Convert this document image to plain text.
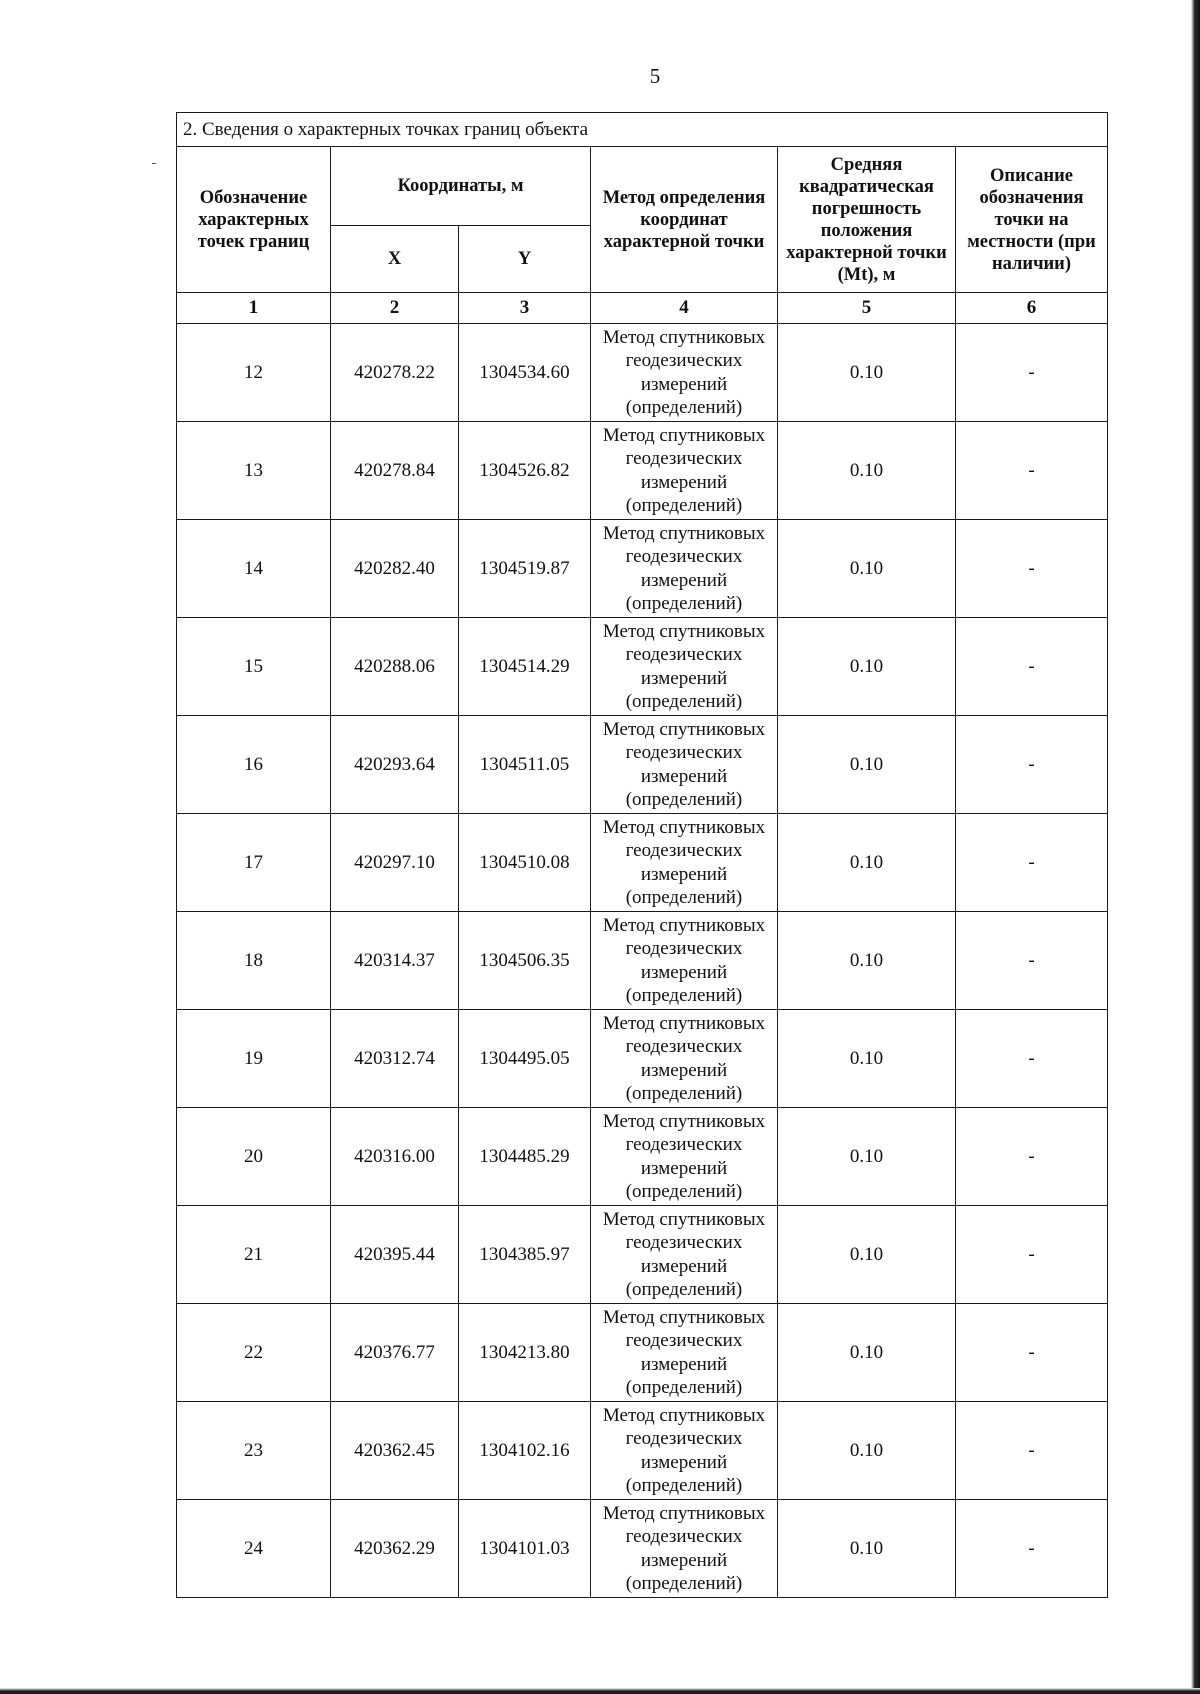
5
2. Сведения о характерных точках границ объекта					
Обозначение характерных точек границ	Координаты, м		Метод определения координат характерной точки	Средняя квадратическая погрешность положения характерной точки (Mt), м	Описание обозначения точки на местности (при наличии)
	X	Y			
1	2	3	4	5	6
12	420278.22	1304534.60	Метод спутниковых геодезических измерений (определений)	0.10	-
13	420278.84	1304526.82	Метод спутниковых геодезических измерений (определений)	0.10	-
14	420282.40	1304519.87	Метод спутниковых геодезических измерений (определений)	0.10	-
15	420288.06	1304514.29	Метод спутниковых геодезических измерений (определений)	0.10	-
16	420293.64	1304511.05	Метод спутниковых геодезических измерений (определений)	0.10	-
17	420297.10	1304510.08	Метод спутниковых геодезических измерений (определений)	0.10	-
18	420314.37	1304506.35	Метод спутниковых геодезических измерений (определений)	0.10	-
19	420312.74	1304495.05	Метод спутниковых геодезических измерений (определений)	0.10	-
20	420316.00	1304485.29	Метод спутниковых геодезических измерений (определений)	0.10	-
21	420395.44	1304385.97	Метод спутниковых геодезических измерений (определений)	0.10	-
22	420376.77	1304213.80	Метод спутниковых геодезических измерений (определений)	0.10	-
23	420362.45	1304102.16	Метод спутниковых геодезических измерений (определений)	0.10	-
24	420362.29	1304101.03	Метод спутниковых геодезических измерений (определений)	0.10	-
